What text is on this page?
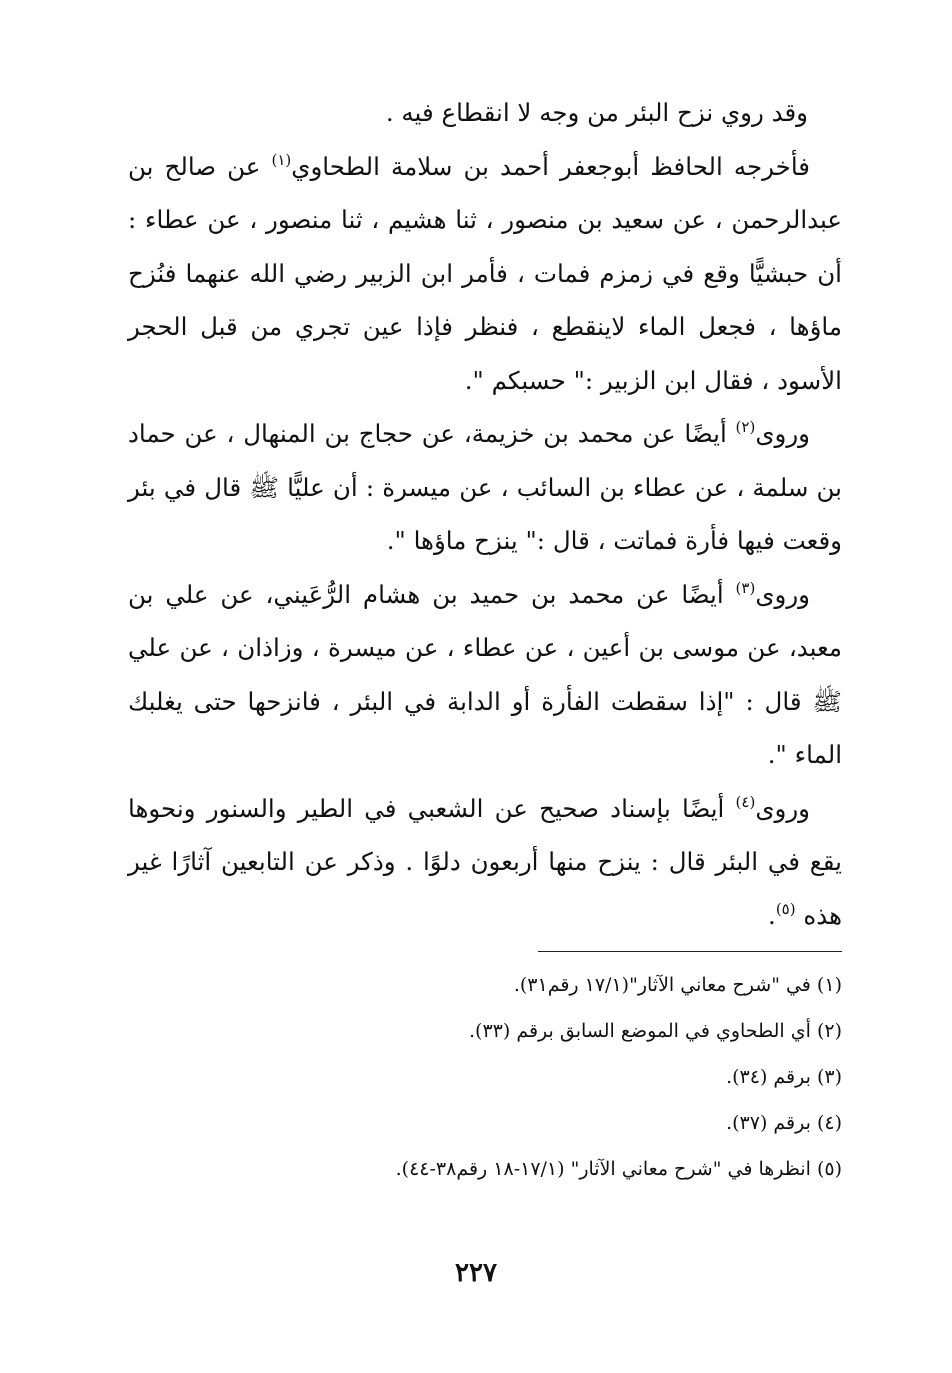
وقد روي نزح البئر من وجه لا انقطاع فيه .

فأخرجه الحافظ أبوجعفر أحمد بن سلامة الطحاوي$^{(١)}$ عن صالح بن عبدالرحمن ، عن سعيد بن منصور ، ثنا هشيم ، ثنا منصور ، عن عطاء : أن حبشيًّا وقع في زمزم فمات ، فأمر ابن الزبير رضي الله عنهما فنُزح ماؤها ، فجعل الماء لاينقطع ، فنظر فإذا عين تجري من قبل الحجر الأسود ، فقال ابن الزبير :" حسبكم ".

وروى$^{(٢)}$ أيضًا عن محمد بن خزيمة، عن حجاج بن المنهال ، عن حماد بن سلمة ، عن عطاء بن السائب ، عن ميسرة : أن عليًّا ﷺ قال في بئر وقعت فيها فأرة فماتت ، قال :" ينزح ماؤها ".

وروى$^{(٣)}$ أيضًا عن محمد بن حميد بن هشام الرُّعَيني، عن علي بن معبد، عن موسى بن أعين ، عن عطاء ، عن ميسرة ، وزاذان ، عن علي ﷺ قال : "إذا سقطت الفأرة أو الدابة في البئر ، فانزحها حتى يغلبك الماء ".

وروى$^{(٤)}$ أيضًا بإسناد صحيح عن الشعبي في الطير والسنور ونحوها يقع في البئر قال : ينزح منها أربعون دلوًا . وذكر عن التابعين آثارًا غير هذه $^{(٥)}$.

(١) في "شرح معاني الآثار"(١٧/١ رقم٣١).
(٢) أي الطحاوي في الموضع السابق برقم (٣٣).
(٣) برقم (٣٤).
(٤) برقم (٣٧).
(٥) انظرها في "شرح معاني الآثار" (١٧/١-١٨ رقم٣٨-٤٤).
٢٢٧
